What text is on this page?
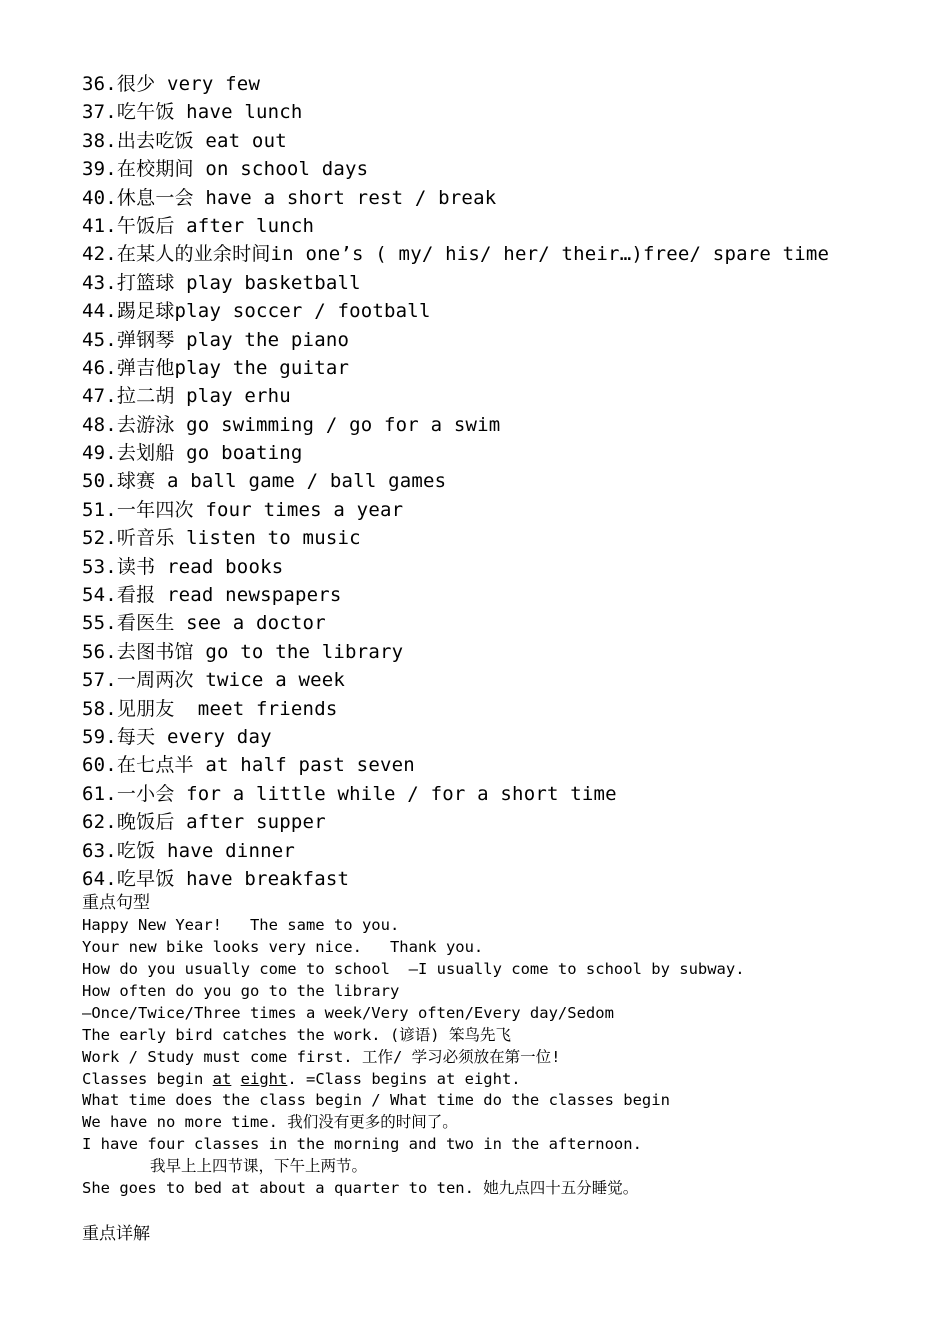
36.很少 very few
37.吃午饭 have lunch
38.出去吃饭 eat out
39.在校期间 on school days
40.休息一会 have a short rest / break
41.午饭后 after lunch
42.在某人的业余时间in one’s ( my/ his/ her/ their…)free/ spare time
43.打篮球 play basketball
44.踢足球play soccer / football
45.弹钢琴 play the piano
46.弹吉他play the guitar
47.拉二胡 play erhu
48.去游泳 go swimming / go for a swim
49.去划船 go boating
50.球赛 a ball game / ball games
51.一年四次 four times a year
52.听音乐 listen to music
53.读书 read books
54.看报 read newspapers
55.看医生 see a doctor
56.去图书馆 go to the library
57.一周两次 twice a week
58.见朋友  meet friends
59.每天 every day
60.在七点半 at half past seven
61.一小会 for a little while / for a short time
62.晚饭后 after supper
63.吃饭 have dinner
64.吃早饭 have breakfast
重点句型
Happy New Year!   The same to you.
Your new bike looks very nice.   Thank you.
How do you usually come to school  —I usually come to school by subway.
How often do you go to the library
—Once/Twice/Three times a week/Very often/Every day/Sedom
The early bird catches the work. (谚语) 笨鸟先飞
Work / Study must come first. 工作/ 学习必须放在第一位!
Classes begin at eight. =Class begins at eight.
What time does the class begin / What time do the classes begin
We have no more time. 我们没有更多的时间了。
I have four classes in the morning and two in the afternoon.
我早上上四节课，下午上两节。
She goes to bed at about a quarter to ten. 她九点四十五分睡觉。
重点详解
